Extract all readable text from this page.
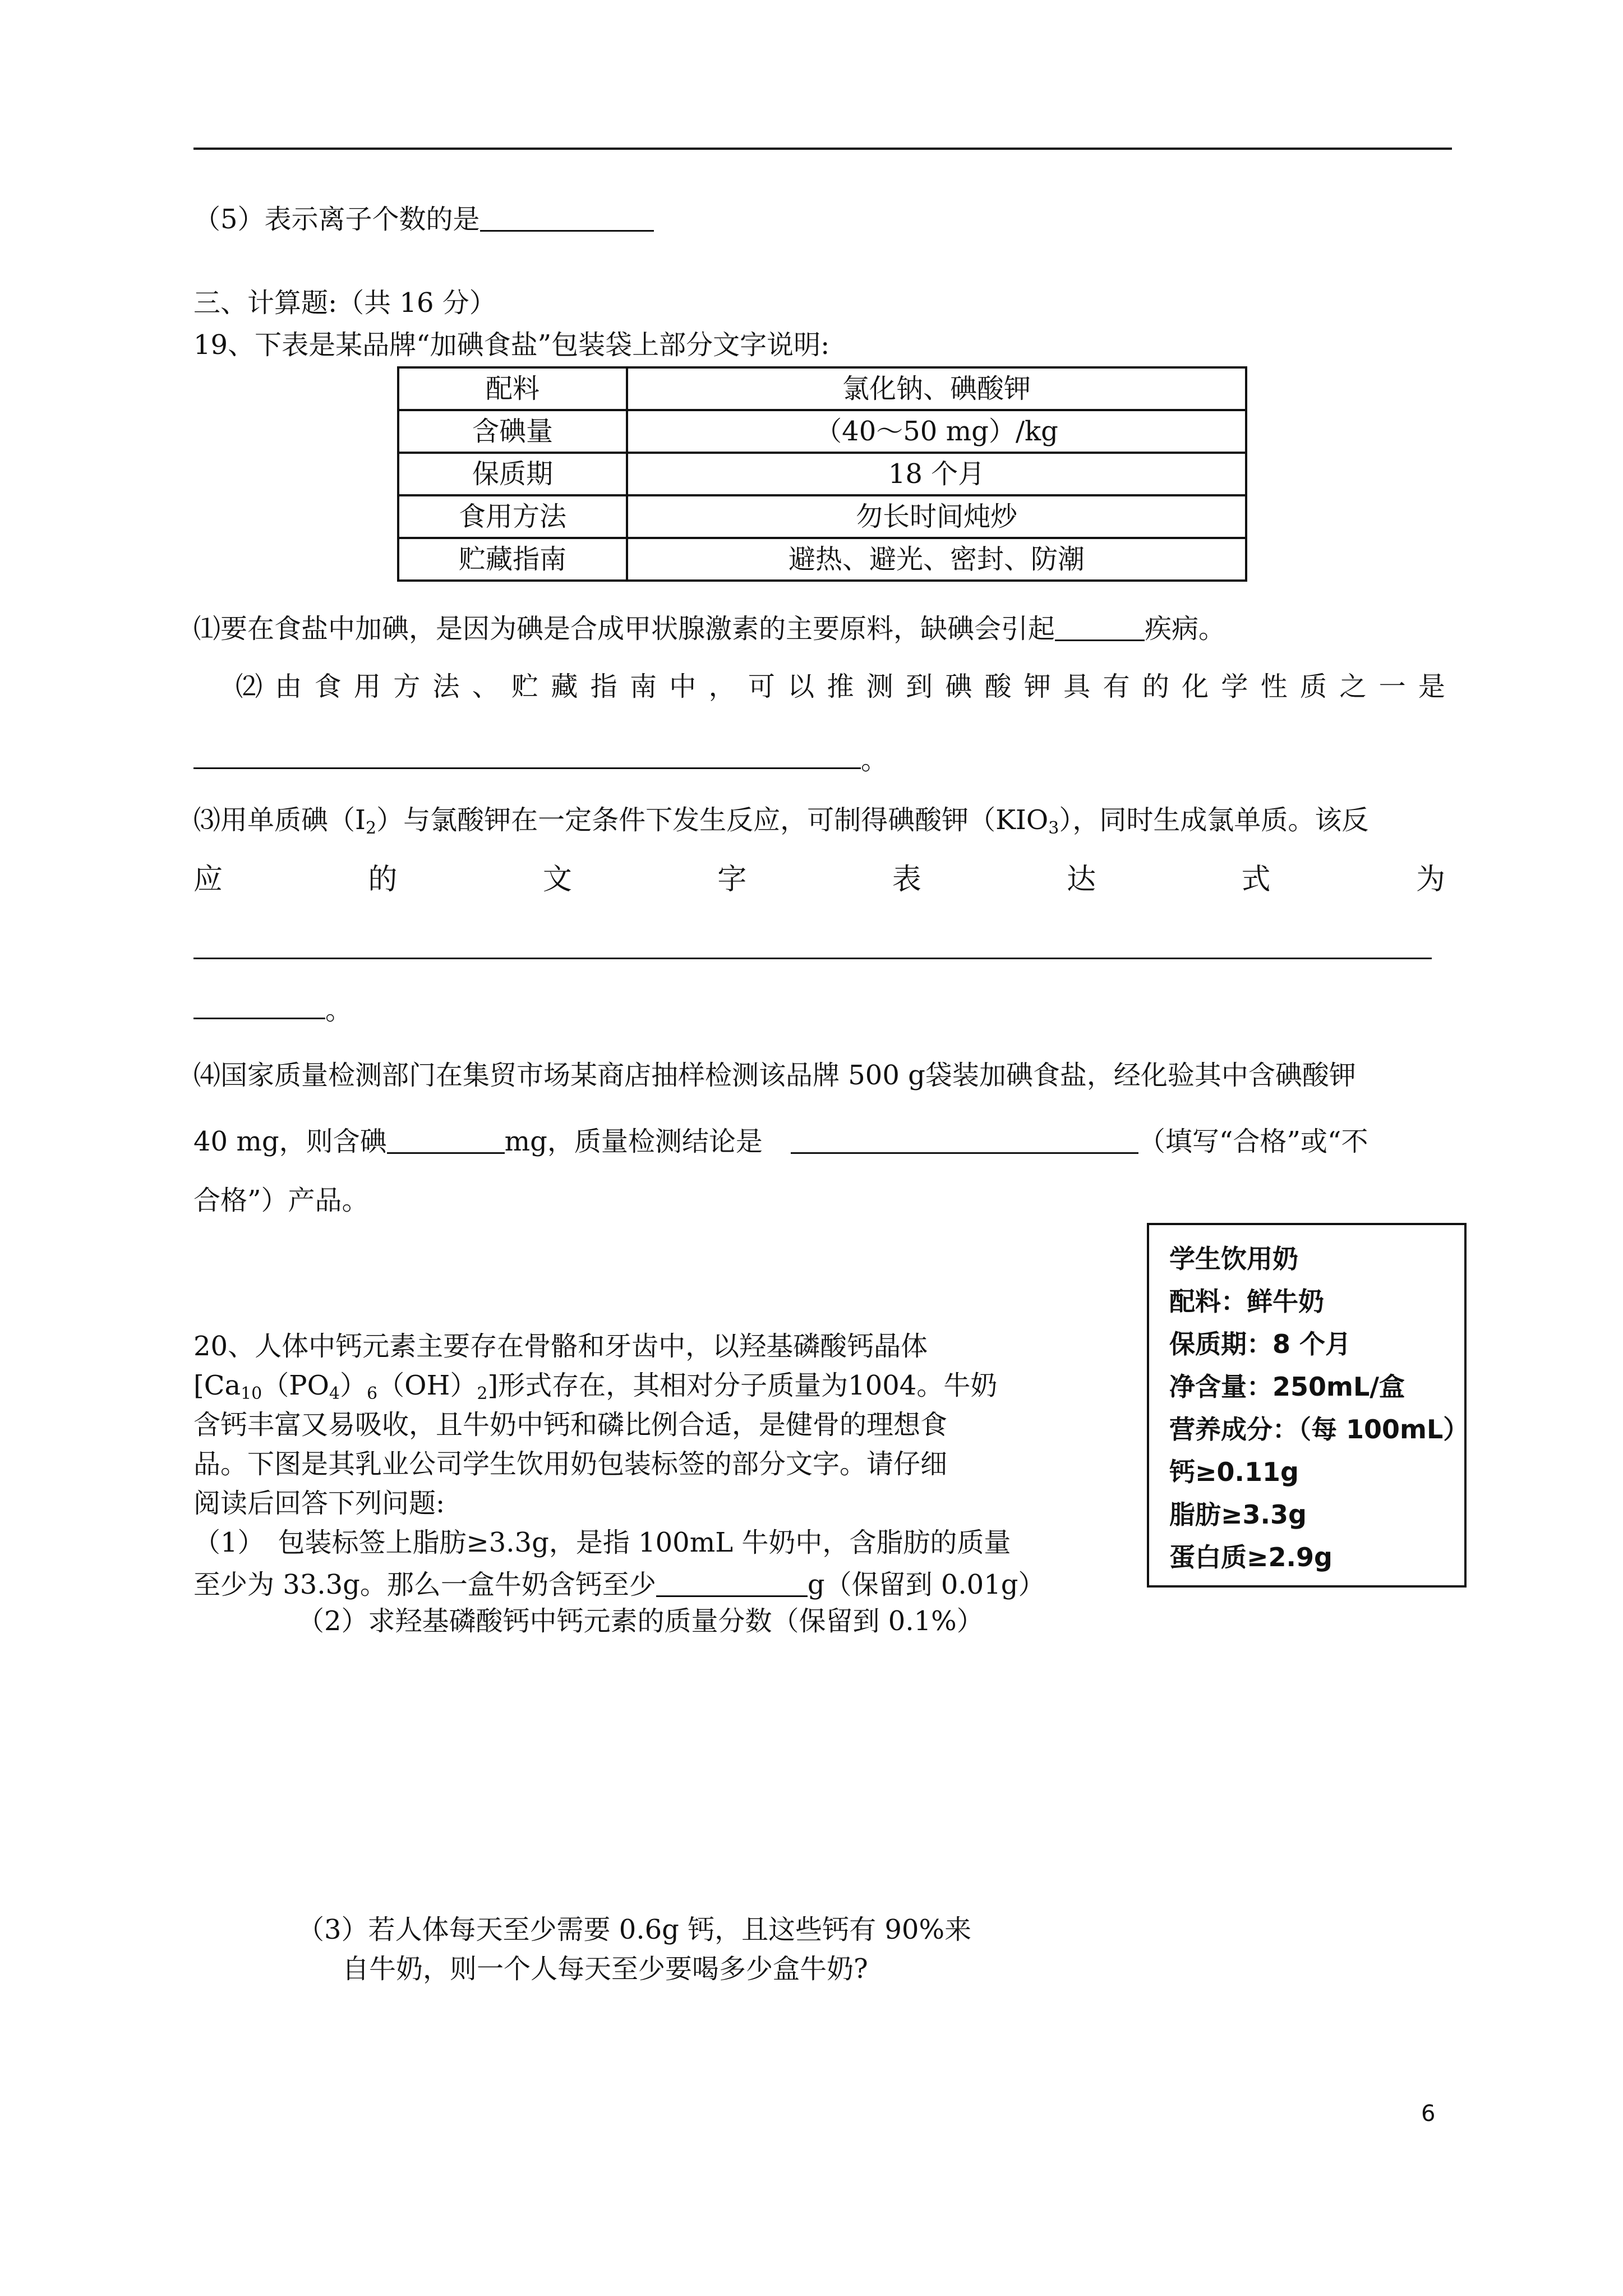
（5）表示离子个数的是
三、计算题:（共 16 分）
19、下表是某品牌“加碘食盐”包装袋上部分文字说明:
配料	氯化钠、碘酸钾
含碘量	（40～50 mg）/kg
保质期	18 个月
食用方法	勿长时间炖炒
贮藏指南	避热、避光、密封、防潮
⑴要在食盐中加碘，是因为碘是合成甲状腺激素的主要原料，缺碘会引起	疾病。
⑵ 由 食 用 方 法 、 贮 藏 指 南 中 ， 可 以 推 测 到 碘 酸 钾 具 有 的 化 学 性 质 之 一 是
。
⑶用单质碘$(I_2)$与氯酸钾在一定条件下发生反应，可制得碘酸钾$(KIO_3)$，同时生成氯单质。该反
应	的	文	字	表	达	式	为
。
⑷国家质量检测部门在集贸市场某商店抽样检测该品牌 500 g袋装加碘食盐，经化验其中含碘酸钾
40 mg，则含碘	mg，质量检测结论是	（填写“合格”或“不
合格”）产品。
学生饮用奶
配料：鲜牛奶
保质期：8 个月
净含量：250mL/盒
营养成分：（每 100mL）
钙≥0.11g
脂肪≥3.3g
蛋白质≥2.9g
20、人体中钙元素主要存在骨骼和牙齿中，以羟基磷酸钙晶体
$[Ca_{10}(PO_4)_6(OH)_2]$形式存在，其相对分子质量为1004。牛奶
含钙丰富又易吸收，且牛奶中钙和磷比例合适，是健骨的理想食
品。下图是其乳业公司学生饮用奶包装标签的部分文字。请仔细
阅读后回答下列问题:
（1）　包装标签上脂肪≥3.3g，是指 100mL 牛奶中，含脂肪的质量
至少为 33.3g。那么一盒牛奶含钙至少	g（保留到 0.01g）
（2）求羟基磷酸钙中钙元素的质量分数（保留到 0.1%）
（3）若人体每天至少需要 0.6g 钙，且这些钙有 90%来
自牛奶，则一个人每天至少要喝多少盒牛奶?
6
